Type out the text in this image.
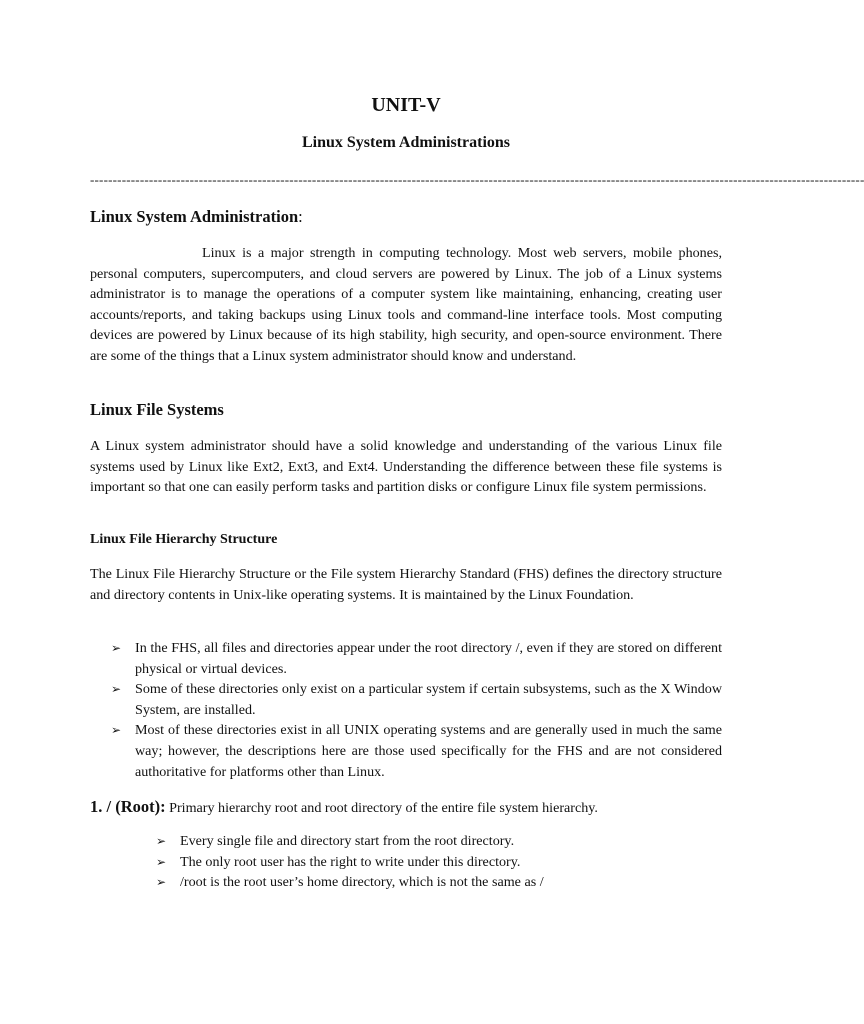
UNIT-V
Linux System Administrations
---------------------------------------------------------------------------------------------------------------------------------------------------------------------------
Linux System Administration:

Linux is a major strength in computing technology. Most web servers, mobile phones, personal computers, supercomputers, and cloud servers are powered by Linux. The job of a Linux systems administrator is to manage the operations of a computer system like maintaining, enhancing, creating user accounts/reports, and taking backups using Linux tools and command-line interface tools. Most computing devices are powered by Linux because of its high stability, high security, and open-source environment. There are some of the things that a Linux system administrator should know and understand.

Linux File Systems

A Linux system administrator should have a solid knowledge and understanding of the various Linux file systems used by Linux like Ext2, Ext3, and Ext4. Understanding the difference between these file systems is important so that one can easily perform tasks and partition disks or configure Linux file system permissions.

Linux File Hierarchy Structure

The Linux File Hierarchy Structure or the File system Hierarchy Standard (FHS) defines the directory structure and directory contents in Unix-like operating systems. It is maintained by the Linux Foundation.

➢ In the FHS, all files and directories appear under the root directory /, even if they are stored on different physical or virtual devices.
➢ Some of these directories only exist on a particular system if certain subsystems, such as the X Window System, are installed.
➢ Most of these directories exist in all UNIX operating systems and are generally used in much the same way; however, the descriptions here are those used specifically for the FHS and are not considered authoritative for platforms other than Linux.
1. / (Root): Primary hierarchy root and root directory of the entire file system hierarchy.
➢ Every single file and directory start from the root directory.
➢ The only root user has the right to write under this directory.
➢ /root is the root user’s home directory, which is not the same as /
